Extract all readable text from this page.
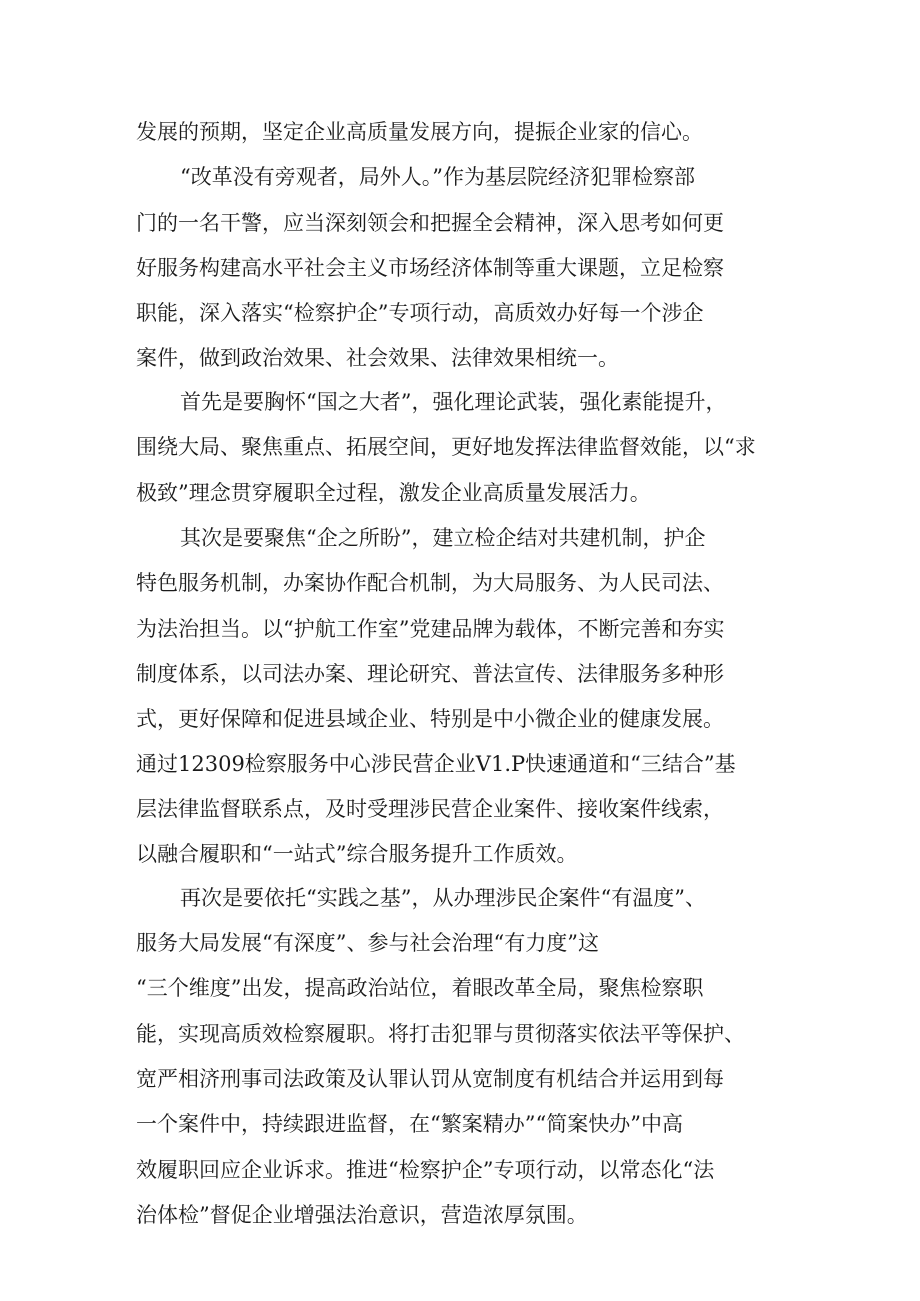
发展的预期，坚定企业高质量发展方向，提振企业家的信心。
“改革没有旁观者，局外人。”作为基层院经济犯罪检察部
门的一名干警，应当深刻领会和把握全会精神，深入思考如何更
好服务构建高水平社会主义市场经济体制等重大课题，立足检察
职能，深入落实“检察护企”专项行动，高质效办好每一个涉企
案件，做到政治效果、社会效果、法律效果相统一。
首先是要胸怀“国之大者”，强化理论武装，强化素能提升，
围绕大局、聚焦重点、拓展空间，更好地发挥法律监督效能，以“求
极致”理念贯穿履职全过程，激发企业高质量发展活力。
其次是要聚焦“企之所盼”，建立检企结对共建机制，护企
特色服务机制，办案协作配合机制，为大局服务、为人民司法、
为法治担当。以“护航工作室”党建品牌为载体，不断完善和夯实
制度体系，以司法办案、理论研究、普法宣传、法律服务多种形
式，更好保障和促进县域企业、特别是中小微企业的健康发展。
通过12309检察服务中心涉民营企业V1.P快速通道和“三结合”基
层法律监督联系点，及时受理涉民营企业案件、接收案件线索，
以融合履职和“一站式”综合服务提升工作质效。
再次是要依托“实践之基”，从办理涉民企案件“有温度”、
服务大局发展“有深度”、参与社会治理“有力度”这
“三个维度”出发，提高政治站位，着眼改革全局，聚焦检察职
能，实现高质效检察履职。将打击犯罪与贯彻落实依法平等保护、
宽严相济刑事司法政策及认罪认罚从宽制度有机结合并运用到每
一个案件中，持续跟进监督，在“繁案精办”“简案快办”中高
效履职回应企业诉求。推进“检察护企”专项行动，以常态化“法
治体检”督促企业增强法治意识，营造浓厚氛围。
